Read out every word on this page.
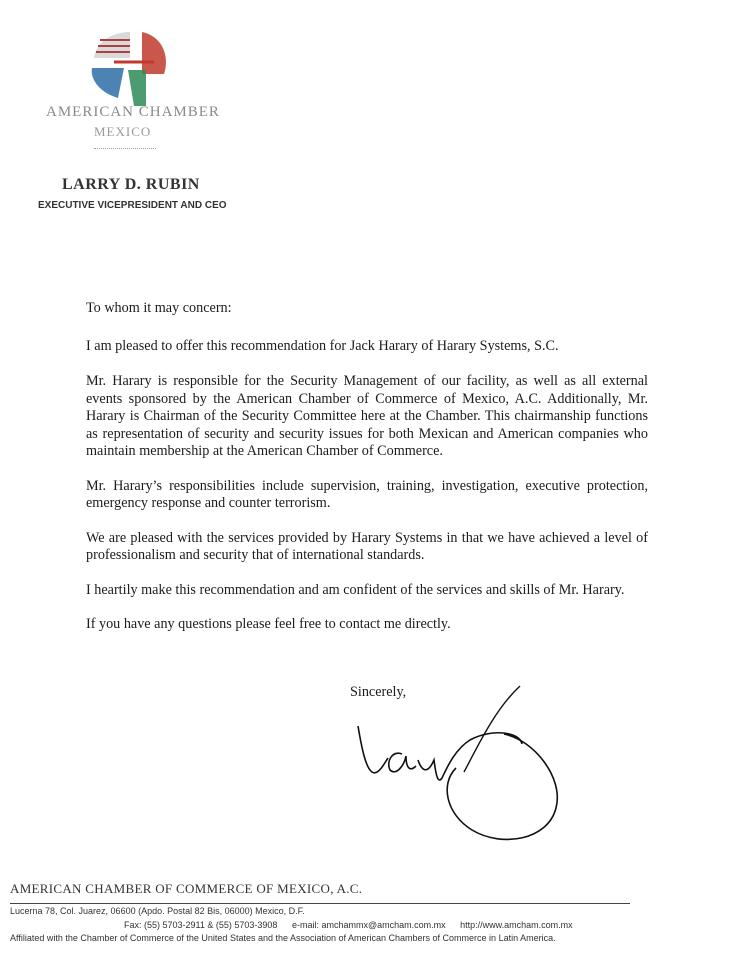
AMERICAN CHAMBER
MEXICO
LARRY D. RUBIN
EXECUTIVE VICEPRESIDENT AND CEO

To whom it may concern:

I am pleased to offer this recommendation for Jack Harary of Harary Systems, S.C.

Mr. Harary is responsible for the Security Management of our facility, as well as all external events sponsored by the American Chamber of Commerce of Mexico, A.C. Additionally, Mr. Harary is Chairman of the Security Committee here at the Chamber. This chairmanship functions as representation of security and security issues for both Mexican and American companies who maintain membership at the American Chamber of Commerce.

Mr. Harary’s responsibilities include supervision, training, investigation, executive protection, emergency response and counter terrorism.

We are pleased with the services provided by Harary Systems in that we have achieved a level of professionalism and security that of international standards.

I heartily make this recommendation and am confident of the services and skills of Mr. Harary.

If you have any questions please feel free to contact me directly.

Sincerely,
AMERICAN CHAMBER OF COMMERCE OF MEXICO, A.C.
Lucerna 78, Col. Juarez, 06600 (Apdo. Postal 82 Bis, 06000) Mexico, D.F.
Fax: (55) 5703-2911 & (55) 5703-3908 e-mail: amchammx@amcham.com.mx http://www.amcham.com.mx
Affiliated with the Chamber of Commerce of the United States and the Association of American Chambers of Commerce in Latin America.
